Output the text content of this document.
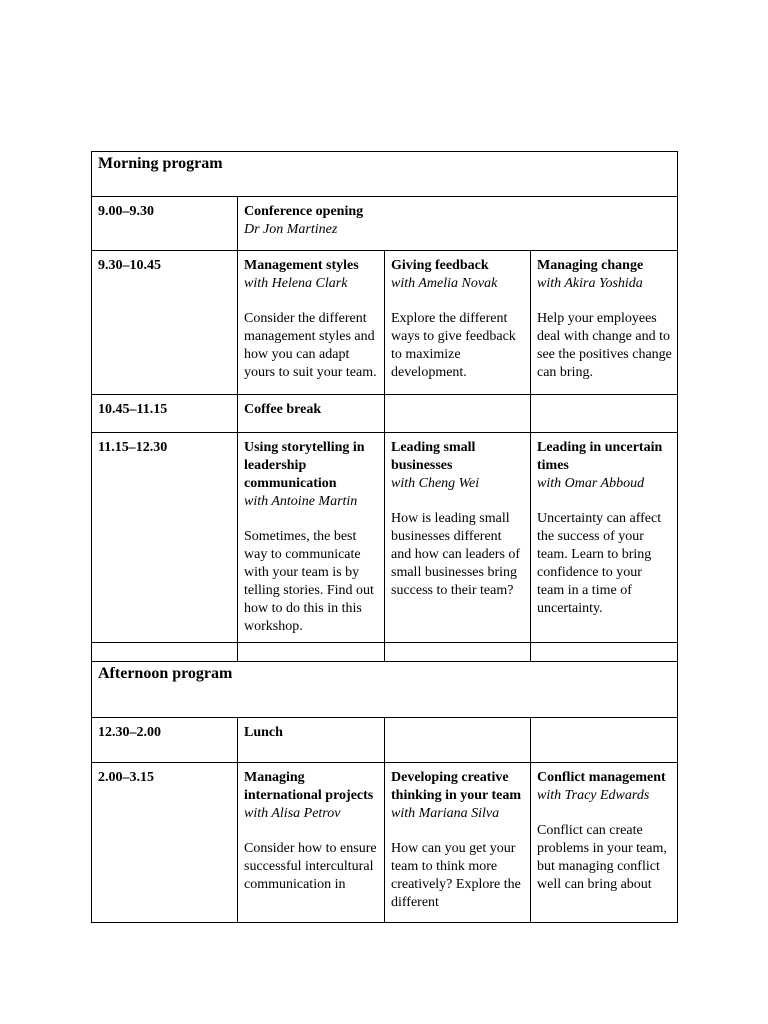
Morning program			
9.00–9.30	Conference opening
Dr Jon Martinez		

9.30–10.45	Management styles
with Helena Clark
Consider the different management styles and how you can adapt yours to suit your team.	Giving feedback
with Amelia Novak
Explore the different ways to give feedback to maximize development.	Managing change
with Akira Yoshida
Help your employees deal with change and to see the positives change can bring.

10.45–11.15	Coffee break		
11.15–12.30	Using storytelling in leadership communication
with Antoine Martin
Sometimes, the best way to communicate with your team is by telling stories. Find out how to do this in this workshop.	Leading small businesses
with Cheng Wei
How is leading small businesses different and how can leaders of small businesses bring success to their team?	Leading in uncertain times
with Omar Abboud
Uncertainty can affect the success of your team. Learn to bring confidence to your team in a time of uncertainty.

Afternoon program			
12.30–2.00	Lunch		
2.00–3.15	Managing international projects
with Alisa Petrov
Consider how to ensure successful intercultural communication in	Developing creative thinking in your team
with Mariana Silva
How can you get your team to think more creatively? Explore the different	Conflict management
with Tracy Edwards
Conflict can create problems in your team, but managing conflict well can bring about
